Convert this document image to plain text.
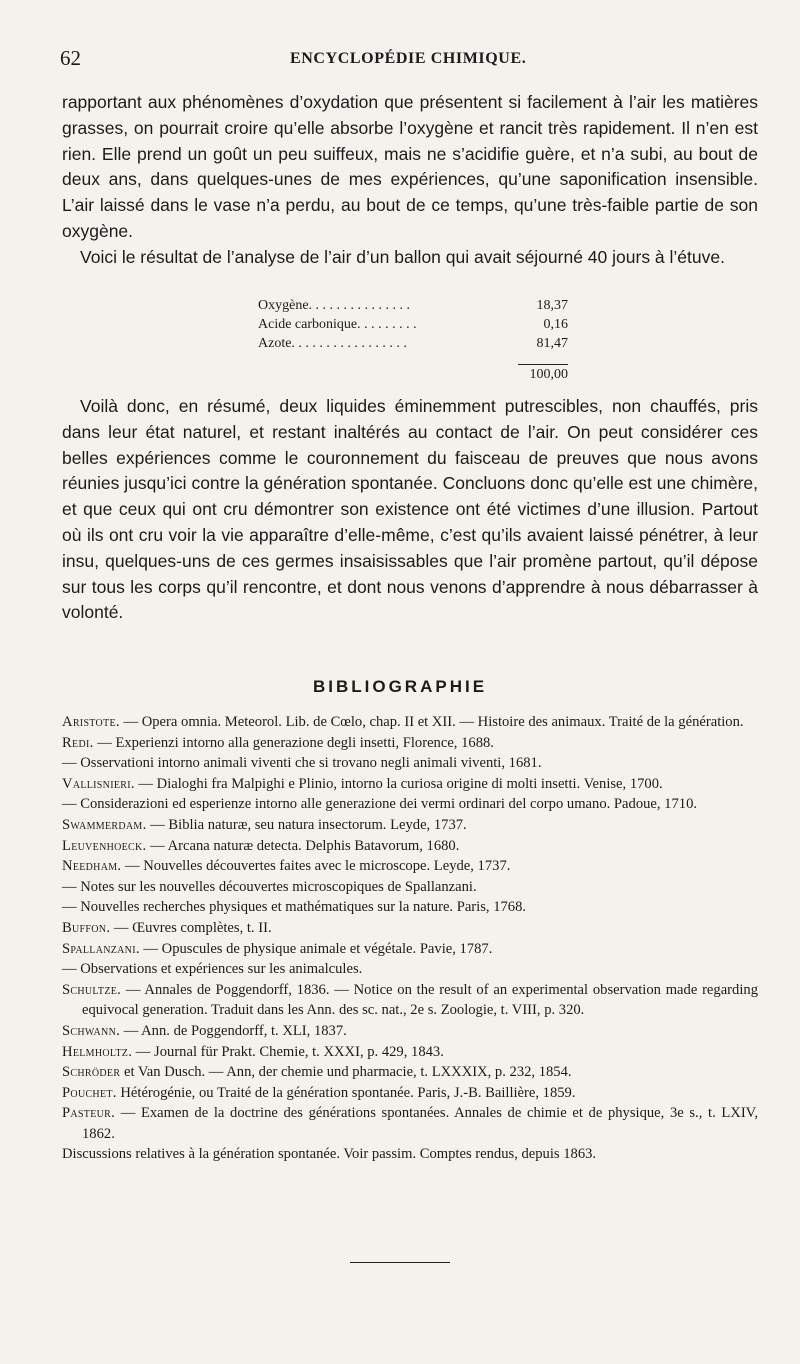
62	ENCYCLOPÉDIE CHIMIQUE.

rapportant aux phénomènes d’oxydation que présentent si facilement à l’air les matières grasses, on pourrait croire qu’elle absorbe l’oxygène et rancit très rapidement. Il n’en est rien. Elle prend un goût un peu suiffeux, mais ne s’acidifie guère, et n’a subi, au bout de deux ans, dans quelques-unes de mes expériences, qu’une saponification insensible. L’air laissé dans le vase n’a perdu, au bout de ce temps, qu’une très-faible partie de son oxygène.

Voici le résultat de l’analyse de l’air d’un ballon qui avait séjourné 40 jours à l’étuve.

Oxygène. . . . . . . . . . . . . . .	18,37
Acide carbonique. . . . . . . . .	0,16
Azote. . . . . . . . . . . . . . . . .	81,47
100,00

Voilà donc, en résumé, deux liquides éminemment putrescibles, non chauffés, pris dans leur état naturel, et restant inaltérés au contact de l’air. On peut considérer ces belles expériences comme le couronnement du faisceau de preuves que nous avons réunies jusqu’ici contre la génération spontanée. Concluons donc qu’elle est une chimère, et que ceux qui ont cru démontrer son existence ont été victimes d’une illusion. Partout où ils ont cru voir la vie apparaître d’elle-même, c’est qu’ils avaient laissé pénétrer, à leur insu, quelques-uns de ces germes insaisissables que l’air promène partout, qu’il dépose sur tous les corps qu’il rencontre, et dont nous venons d’apprendre à nous débarrasser à volonté.

BIBLIOGRAPHIE

Aristote. — Opera omnia. Meteorol. Lib. de Cœlo, chap. II et XII. — Histoire des animaux. Traité de la génération.

Redi. — Experienzi intorno alla generazione degli insetti, Florence, 1688.

— Osservationi intorno animali viventi che si trovano negli animali viventi, 1681.

Vallisnieri. — Dialoghi fra Malpighi e Plinio, intorno la curiosa origine di molti insetti. Venise, 1700.

— Considerazioni ed esperienze intorno alle generazione dei vermi ordinari del corpo umano. Padoue, 1710.

Swammerdam. — Biblia naturæ, seu natura insectorum. Leyde, 1737.

Leuvenhoeck. — Arcana naturæ detecta. Delphis Batavorum, 1680.

Needham. — Nouvelles découvertes faites avec le microscope. Leyde, 1737.

— Notes sur les nouvelles découvertes microscopiques de Spallanzani.

— Nouvelles recherches physiques et mathématiques sur la nature. Paris, 1768.

Buffon. — Œuvres complètes, t. II.

Spallanzani. — Opuscules de physique animale et végétale. Pavie, 1787.

— Observations et expériences sur les animalcules.

Schultze. — Annales de Poggendorff, 1836. — Notice on the result of an experimental observation made regarding equivocal generation. Traduit dans les Ann. des sc. nat., 2e s. Zoologie, t. VIII, p. 320.

Schwann. — Ann. de Poggendorff, t. XLI, 1837.

Helmholtz. — Journal für Prakt. Chemie, t. XXXI, p. 429, 1843.

Schröder et Van Dusch. — Ann, der chemie und pharmacie, t. LXXXIX, p. 232, 1854.

Pouchet. Hétérogénie, ou Traité de la génération spontanée. Paris, J.-B. Baillière, 1859.

Pasteur. — Examen de la doctrine des générations spontanées. Annales de chimie et de physique, 3e s., t. LXIV, 1862.

Discussions relatives à la génération spontanée. Voir passim. Comptes rendus, depuis 1863.
